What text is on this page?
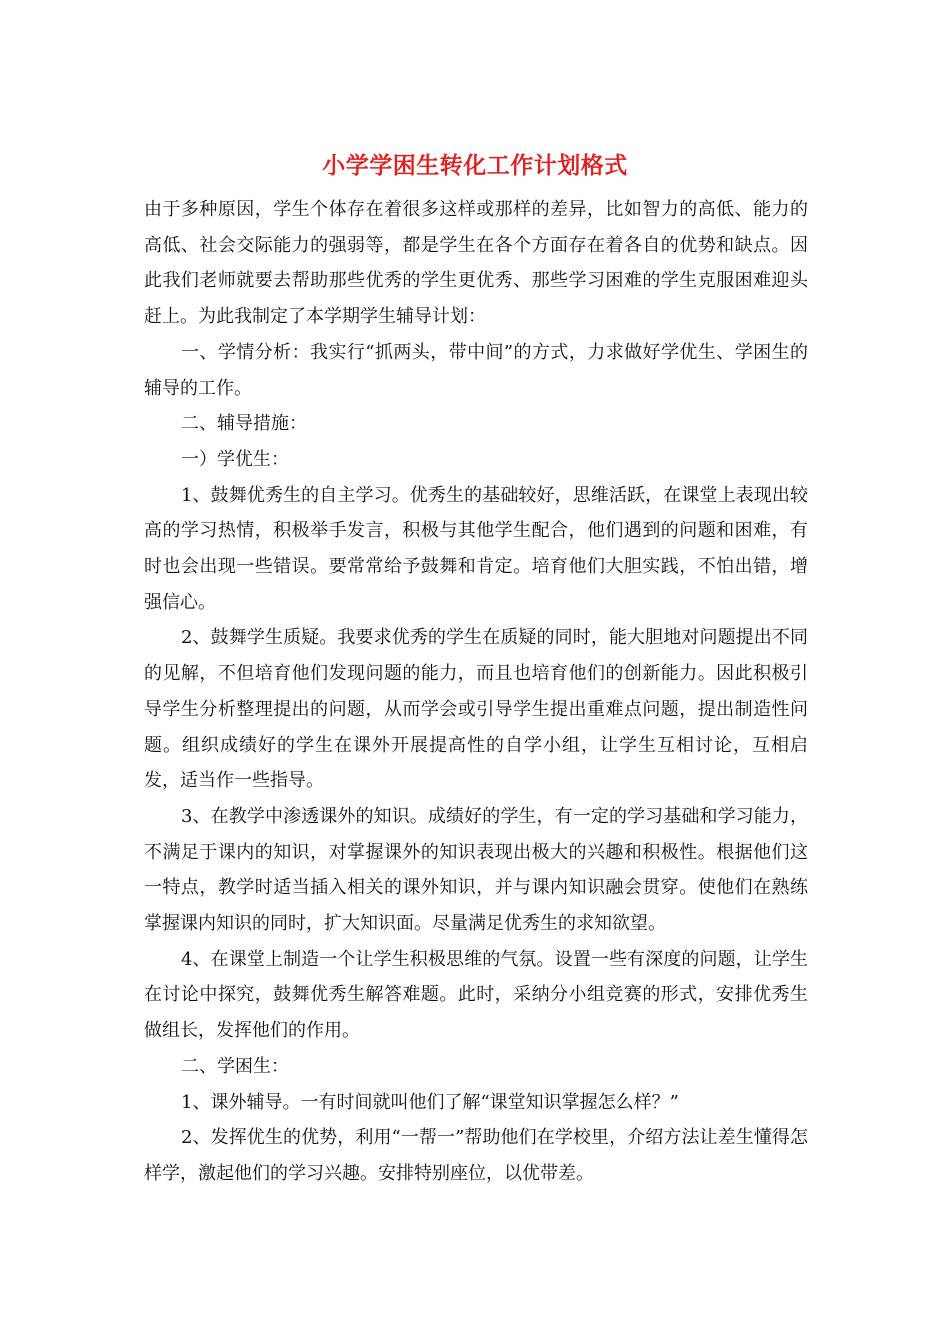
小学学困生转化工作计划格式

由于多种原因，学生个体存在着很多这样或那样的差异，比如智力的高低、能力的高低、社会交际能力的强弱等，都是学生在各个方面存在着各自的优势和缺点。因此我们老师就要去帮助那些优秀的学生更优秀、那些学习困难的学生克服困难迎头赶上。为此我制定了本学期学生辅导计划：

一、学情分析：我实行“抓两头，带中间”的方式，力求做好学优生、学困生的辅导的工作。

二、辅导措施：

一）学优生：

1、鼓舞优秀生的自主学习。优秀生的基础较好，思维活跃，在课堂上表现出较高的学习热情，积极举手发言，积极与其他学生配合，他们遇到的问题和困难，有时也会出现一些错误。要常常给予鼓舞和肯定。培育他们大胆实践，不怕出错，增强信心。

2、鼓舞学生质疑。我要求优秀的学生在质疑的同时，能大胆地对问题提出不同的见解，不但培育他们发现问题的能力，而且也培育他们的创新能力。因此积极引导学生分析整理提出的问题，从而学会或引导学生提出重难点问题，提出制造性问题。组织成绩好的学生在课外开展提高性的自学小组，让学生互相讨论，互相启发，适当作一些指导。

3、在教学中渗透课外的知识。成绩好的学生，有一定的学习基础和学习能力，不满足于课内的知识，对掌握课外的知识表现出极大的兴趣和积极性。根据他们这一特点，教学时适当插入相关的课外知识，并与课内知识融会贯穿。使他们在熟练掌握课内知识的同时，扩大知识面。尽量满足优秀生的求知欲望。

4、在课堂上制造一个让学生积极思维的气氛。设置一些有深度的问题，让学生在讨论中探究，鼓舞优秀生解答难题。此时，采纳分小组竞赛的形式，安排优秀生做组长，发挥他们的作用。

二、学困生：

1、课外辅导。一有时间就叫他们了解“课堂知识掌握怎么样？”

2、发挥优生的优势，利用“一帮一”帮助他们在学校里，介绍方法让差生懂得怎样学，激起他们的学习兴趣。安排特别座位，以优带差。
